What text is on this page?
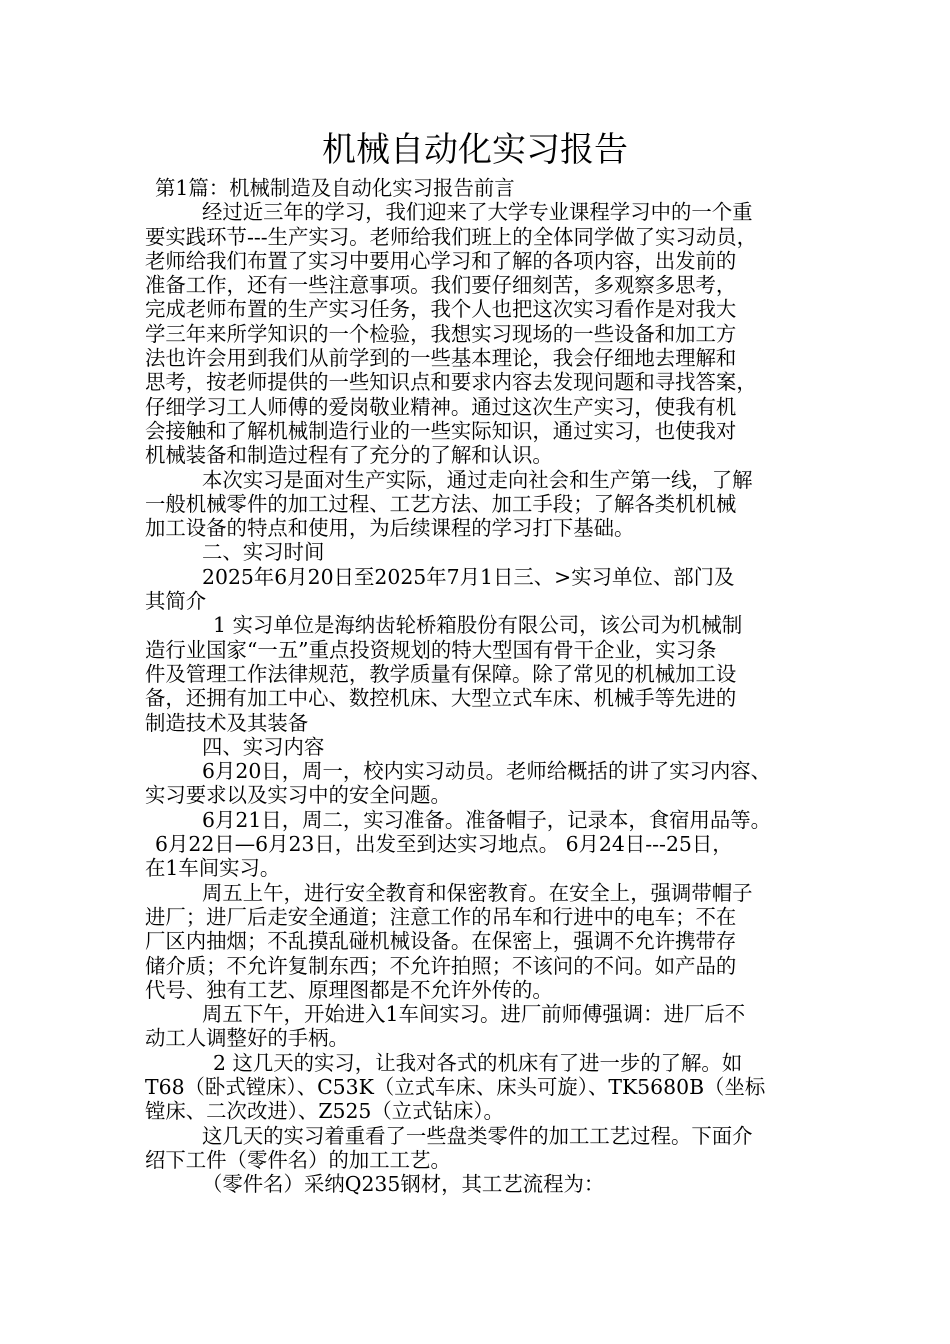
机械自动化实习报告
第1篇：机械制造及自动化实习报告前言
经过近三年的学习，我们迎来了大学专业课程学习中的一个重
要实践环节---生产实习。老师给我们班上的全体同学做了实习动员，
老师给我们布置了实习中要用心学习和了解的各项内容，出发前的
准备工作，还有一些注意事项。我们要仔细刻苦，多观察多思考，
完成老师布置的生产实习任务，我个人也把这次实习看作是对我大
学三年来所学知识的一个检验，我想实习现场的一些设备和加工方
法也许会用到我们从前学到的一些基本理论，我会仔细地去理解和
思考，按老师提供的一些知识点和要求内容去发现问题和寻找答案，
仔细学习工人师傅的爱岗敬业精神。通过这次生产实习，使我有机
会接触和了解机械制造行业的一些实际知识，通过实习，也使我对
机械装备和制造过程有了充分的了解和认识。
本次实习是面对生产实际，通过走向社会和生产第一线，了解
一般机械零件的加工过程、工艺方法、加工手段；了解各类机机械
加工设备的特点和使用，为后续课程的学习打下基础。
二、实习时间
2025年6月20日至2025年7月1日三、>实习单位、部门及
其简介
1 实习单位是海纳齿轮桥箱股份有限公司，该公司为机械制
造行业国家“一五”重点投资规划的特大型国有骨干企业，实习条
件及管理工作法律规范，教学质量有保障。除了常见的机械加工设
备，还拥有加工中心、数控机床、大型立式车床、机械手等先进的
制造技术及其装备
四、实习内容
6月20日，周一，校内实习动员。老师给概括的讲了实习内容、
实习要求以及实习中的安全问题。
6月21日，周二，实习准备。准备帽子，记录本，食宿用品等。
6月22日—6月23日，出发至到达实习地点。 6月24日---25日，
在1车间实习。
周五上午，进行安全教育和保密教育。在安全上，强调带帽子
进厂；进厂后走安全通道；注意工作的吊车和行进中的电车；不在
厂区内抽烟；不乱摸乱碰机械设备。在保密上，强调不允许携带存
储介质；不允许复制东西；不允许拍照；不该问的不问。如产品的
代号、独有工艺、原理图都是不允许外传的。
周五下午，开始进入1车间实习。进厂前师傅强调：进厂后不
动工人调整好的手柄。
2 这几天的实习，让我对各式的机床有了进一步的了解。如
T68（卧式镗床）、C53K（立式车床、床头可旋）、TK5680B（坐标
镗床、二次改进）、Z525（立式钻床）。
这几天的实习着重看了一些盘类零件的加工工艺过程。下面介
绍下工件（零件名）的加工工艺。
（零件名）采纳Q235钢材，其工艺流程为：
